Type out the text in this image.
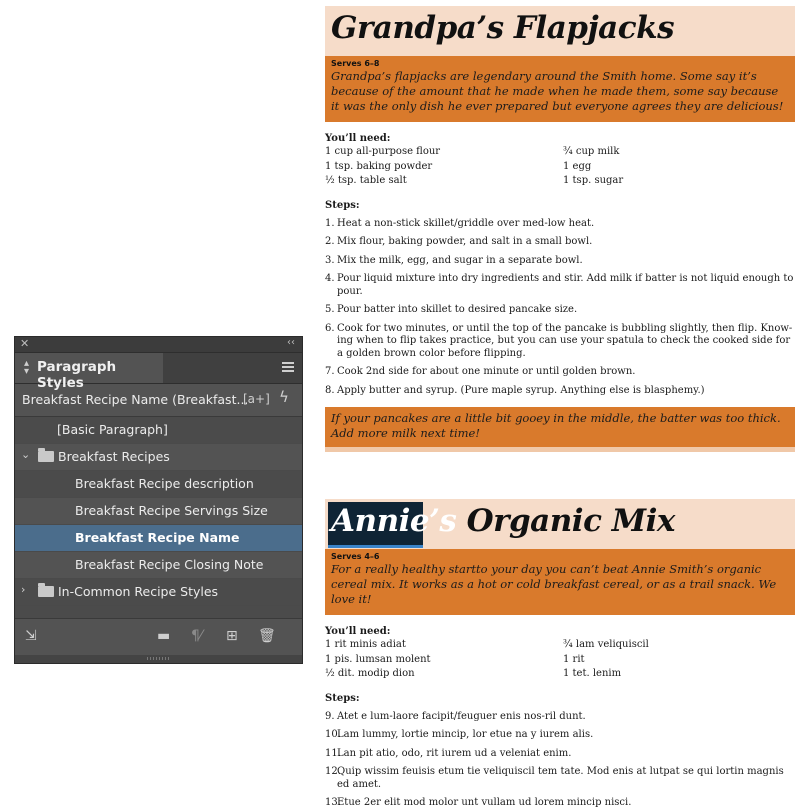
Grandpa’s Flapjacks
Serves 6–8
Grandpa’s flapjacks are legendary around the Smith home. Some say it’s because of the amount that he made when he made them, some say because it was the only dish he ever prepared but everyone agrees they are delicious!
You’ll need:
1 cup all-purpose flour	¾ cup milk
1 tsp. baking powder	1 egg
½ tsp. table salt	1 tsp. sugar
Steps:
1. Heat a non-stick skillet/griddle over med-low heat.
2. Mix flour, baking powder, and salt in a small bowl.
3. Mix the milk, egg, and sugar in a separate bowl.
4. Pour liquid mixture into dry ingredients and stir. Add milk if batter is not liquid enough to pour.
5. Pour batter into skillet to desired pancake size.
6. Cook for two minutes, or until the top of the pancake is bubbling slightly, then flip. Know-ing when to flip takes practice, but you can use your spatula to check the cooked side for a golden brown color before flipping.
7. Cook 2nd side for about one minute or until golden brown.
8. Apply butter and syrup. (Pure maple syrup. Anything else is blasphemy.)
If your pancakes are a little bit gooey in the middle, the batter was too thick. Add more milk next time!
Organic Mix
Annie’s
Serves 4–6
For a really healthy startto your day you can’t beat Annie Smith’s organic cereal mix. It works as a hot or cold breakfast cereal, or as a trail snack. We love it!
You’ll need:
1 rit minis adiat	¾ lam veliquiscil
1 pis. lumsan molent	1 rit
½ dit. modip dion	1 tet. lenim
Steps:
9. Atet e lum-laore facipit/feuguer enis nos-ril dunt.
10.
Lam lummy, lortie mincip, lor etue na y iurem alis.
11.
Lan pit atio, odo, rit iurem ud a veleniat enim.
12.
Quip wissim feuisis etum tie veliquiscil tem tate. Mod enis at lutpat se qui lortin magnis ed amet.
13.
Etue 2er elit mod molor unt vullam ud lorem mincip nisci.
✕	‹‹
▴
▾ Paragraph Styles
Breakfast Recipe Name (Breakfast...
[a+] ϟ
[Basic Paragraph]
⌄ Breakfast Recipes
Breakfast Recipe description
Breakfast Recipe Servings Size
Breakfast Recipe Name
Breakfast Recipe Closing Note
›	In-Common Recipe Styles
⇲	▬ ¶⁄ ⊞ 🗑
